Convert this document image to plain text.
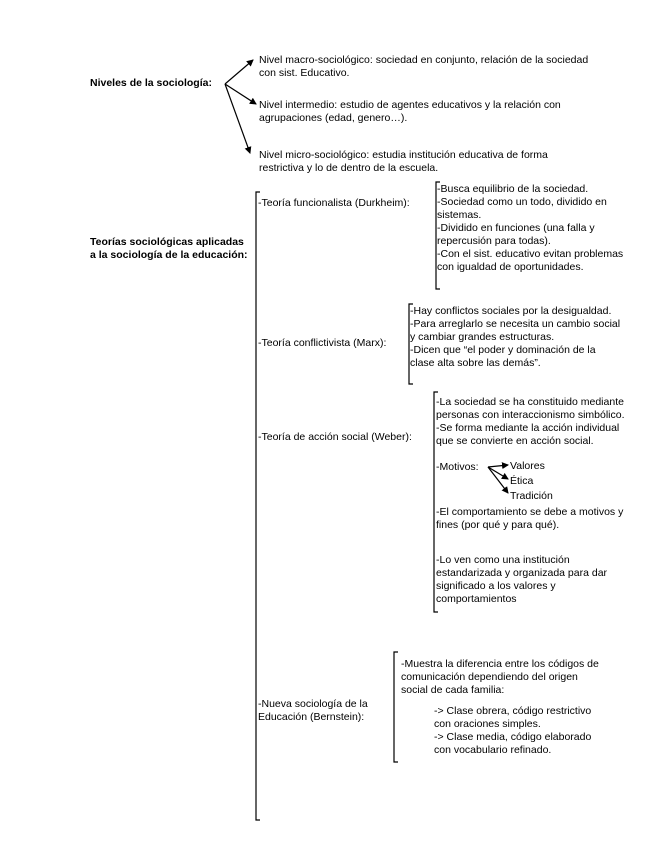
Niveles de la sociología:
Nivel macro-sociológico: sociedad en conjunto, relación de la sociedad
con sist. Educativo.
Nivel intermedio: estudio de agentes educativos y la relación con
agrupaciones (edad, genero…).
Nivel micro-sociológico: estudia institución educativa de forma
restrictiva y lo de dentro de la escuela.
Teorías sociológicas aplicadas
a la sociología de la educación:
-Teoría funcionalista (Durkheim):
-Busca equilibrio de la sociedad.
-Sociedad como un todo, dividido en
sistemas.
-Dividido en funciones (una falla y
repercusión para todas).
-Con el sist. educativo evitan problemas
con igualdad de oportunidades.
-Teoría conflictivista (Marx):
-Hay conflictos sociales por la desigualdad.
-Para arreglarlo se necesita un cambio social
y cambiar grandes estructuras.
-Dicen que “el poder y dominación de la
clase alta sobre las demás”.
-Teoría de acción social (Weber):
-La sociedad se ha constituido mediante
personas con interaccionismo simbólico.
-Se forma mediante la acción individual
que se convierte en acción social.
-Motivos:	Valores
Ética
Tradición
-El comportamiento se debe a motivos y
fines (por qué y para qué).
-Lo ven como una institución
estandarizada y organizada para dar
significado a los valores y
comportamientos
-Nueva sociología de la
Educación (Bernstein):
-Muestra la diferencia entre los códigos de
comunicación dependiendo del origen
social de cada familia:
-> Clase obrera, código restrictivo
con oraciones simples.
-> Clase media, código elaborado
con vocabulario refinado.
